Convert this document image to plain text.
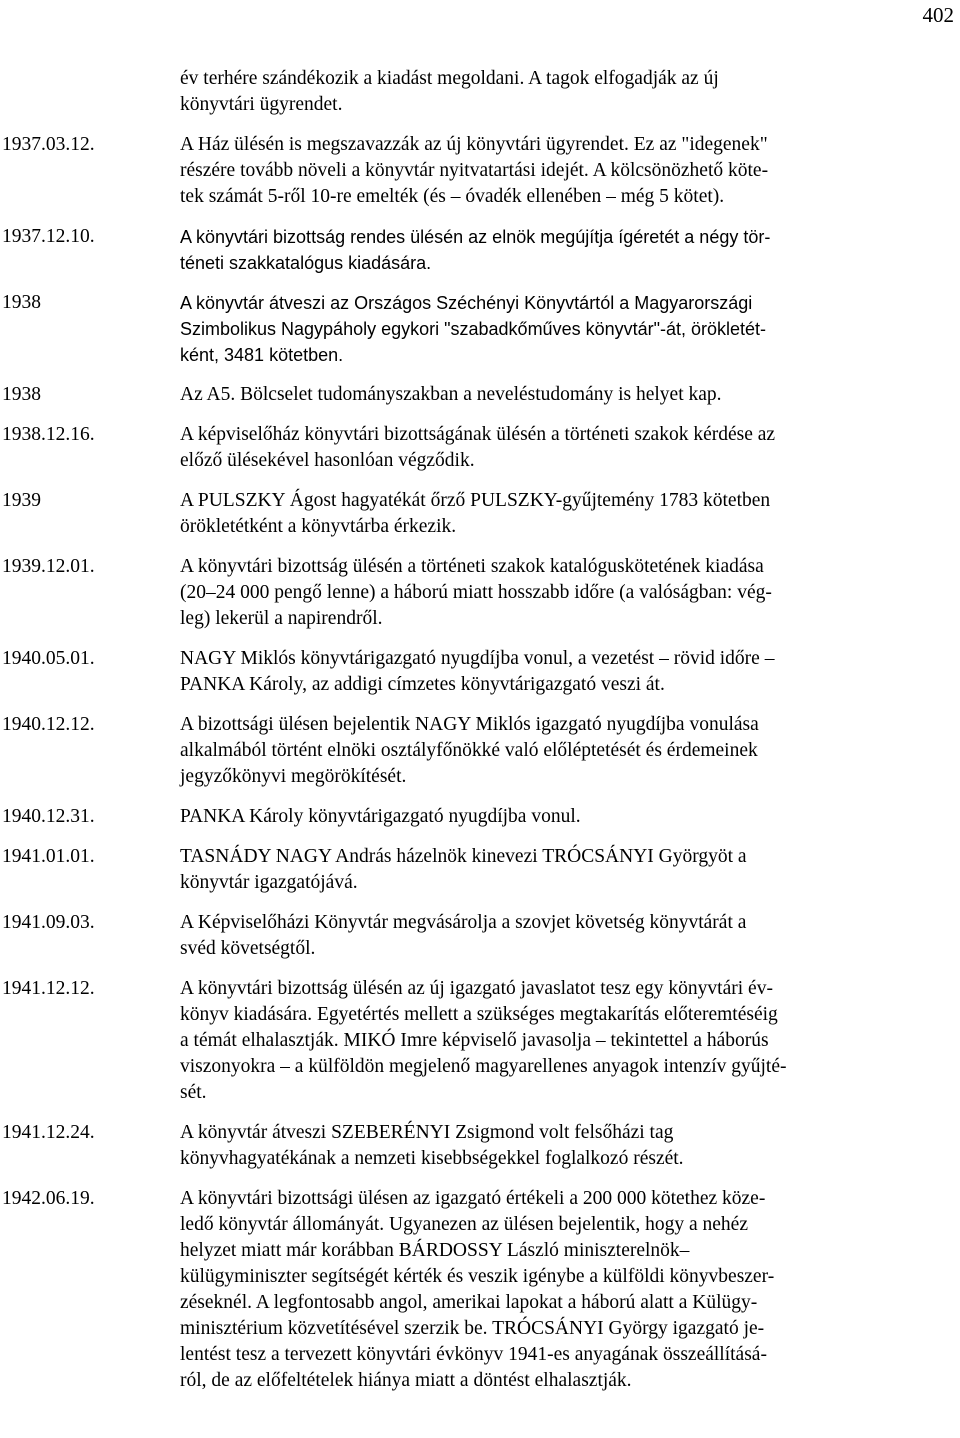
402
év terhére szándékozik a kiadást megoldani. A tagok elfogadják az új
könyvtári ügyrendet.
1937.03.12.	A Ház ülésén is megszavazzák az új könyvtári ügyrendet. Ez az "idegenek"
részére tovább növeli a könyvtár nyitvatartási idejét. A kölcsönözhető köte-
tek számát 5-ről 10-re emelték (és – óvadék ellenében – még 5 kötet).
1937.12.10.	A könyvtári bizottság rendes ülésén az elnök megújítja ígéretét a négy tör-
téneti szakkatalógus kiadására.
1938	A könyvtár átveszi az Országos Széchényi Könyvtártól a Magyarországi
Szimbolikus Nagypáholy egykori "szabadkőműves könyvtár"-át, örökletét-
ként, 3481 kötetben.
1938	Az A5. Bölcselet tudományszakban a neveléstudomány is helyet kap.
1938.12.16.	A képviselőház könyvtári bizottságának ülésén a történeti szakok kérdése az
előző ülésekével hasonlóan végződik.
1939	A PULSZKY Ágost hagyatékát őrző PULSZKY-gyűjtemény 1783 kötetben
örökletétként a könyvtárba érkezik.
1939.12.01.	A könyvtári bizottság ülésén a történeti szakok katalóguskötetének kiadása
(20–24 000 pengő lenne) a háború miatt hosszabb időre (a valóságban: vég-
leg) lekerül a napirendről.
1940.05.01.	NAGY Miklós könyvtárigazgató nyugdíjba vonul, a vezetést – rövid időre –
PANKA Károly, az addigi címzetes könyvtárigazgató veszi át.
1940.12.12.	A bizottsági ülésen bejelentik NAGY Miklós igazgató nyugdíjba vonulása
alkalmából történt elnöki osztályfőnökké való előléptetését és érdemeinek
jegyzőkönyvi megörökítését.
1940.12.31.	PANKA Károly könyvtárigazgató nyugdíjba vonul.
1941.01.01.	TASNÁDY NAGY András házelnök kinevezi TRÓCSÁNYI Györgyöt a
könyvtár igazgatójává.
1941.09.03.	A Képviselőházi Könyvtár megvásárolja a szovjet követség könyvtárát a
svéd követségtől.
1941.12.12.	A könyvtári bizottság ülésén az új igazgató javaslatot tesz egy könyvtári év-
könyv kiadására. Egyetértés mellett a szükséges megtakarítás előteremtéséig
a témát elhalasztják. MIKÓ Imre képviselő javasolja – tekintettel a háborús
viszonyokra – a külföldön megjelenő magyarellenes anyagok intenzív gyűjté-
sét.
1941.12.24.	A könyvtár átveszi SZEBERÉNYI Zsigmond volt felsőházi tag
könyvhagyatékának a nemzeti kisebbségekkel foglalkozó részét.
1942.06.19.	A könyvtári bizottsági ülésen az igazgató értékeli a 200 000 kötethez köze-
ledő könyvtár állományát. Ugyanezen az ülésen bejelentik, hogy a nehéz
helyzet miatt már korábban BÁRDOSSY László miniszterelnök–
külügyminiszter segítségét kérték és veszik igénybe a külföldi könyvbeszer-
zéseknél. A legfontosabb angol, amerikai lapokat a háború alatt a Külügy-
minisztérium közvetítésével szerzik be. TRÓCSÁNYI György igazgató je-
lentést tesz a tervezett könyvtári évkönyv 1941-es anyagának összeállításá-
ról, de az előfeltételek hiánya miatt a döntést elhalasztják.
